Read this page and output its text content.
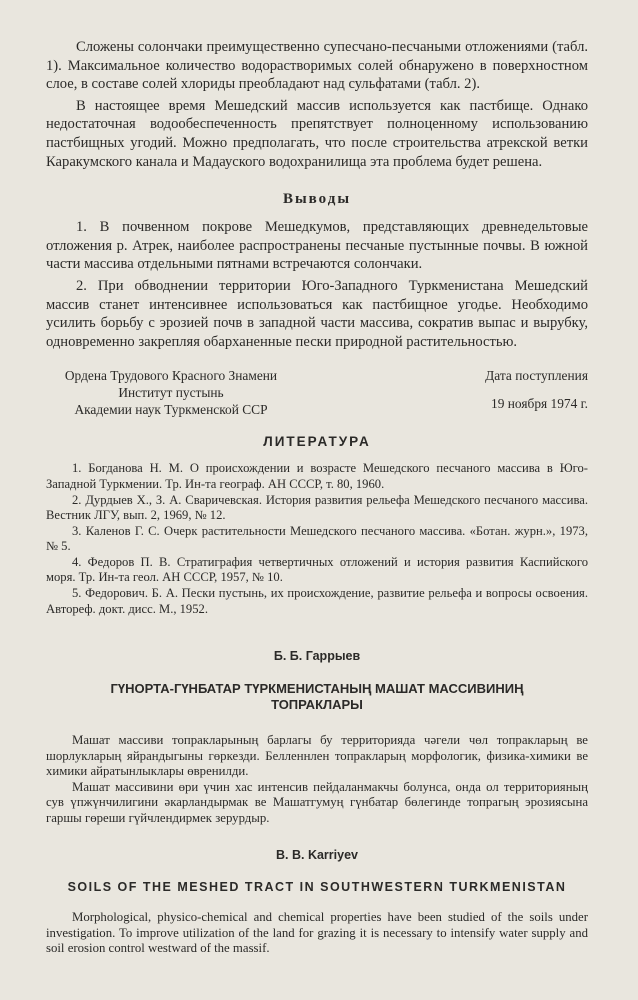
Сложены солончаки преимущественно супесчано-песчаными отложениями (табл. 1). Максимальное количество водорастворимых солей обнаружено в поверхностном слое, в составе солей хлориды преобладают над сульфатами (табл. 2).

В настоящее время Мешедский массив используется как пастбище. Однако недостаточная водообеспеченность препятствует полноценному использованию пастбищных угодий. Можно предполагать, что после строительства атрекской ветки Каракумского канала и Мадауского водохранилища эта проблема будет решена.

Выводы

1. В почвенном покрове Мешедкумов, представляющих древнедельтовые отложения р. Атрек, наиболее распространены песчаные пустынные почвы. В южной части массива отдельными пятнами встречаются солончаки.

2. При обводнении территории Юго-Западного Туркменистана Мешедский массив станет интенсивнее использоваться как пастбищное угодье. Необходимо усилить борьбу с эрозией почв в западной части массива, сократив выпас и вырубку, одновременно закрепляя обарханенные пески природной растительностью.

Ордена Трудового Красного Знамени
Институт пустынь
Академии наук Туркменской ССР
Дата поступления
19 ноября 1974 г.
ЛИТЕРАТУРА
1. Богданова Н. М. О происхождении и возрасте Мешедского песчаного массива в Юго-Западной Туркмении. Тр. Ин-та географ. АН СССР, т. 80, 1960.
2. Дурдыев Х., З. А. Сваричевская. История развития рельефа Мешедского песчаного массива. Вестник ЛГУ, вып. 2, 1969, № 12.
3. Каленов Г. С. Очерк растительности Мешедского песчаного массива. «Ботан. журн.», 1973, № 5.
4. Федоров П. В. Стратиграфия четвертичных отложений и история развития Каспийского моря. Тр. Ин-та геол. АН СССР, 1957, № 10.
5. Федорович. Б. А. Пески пустынь, их происхождение, развитие рельефа и вопросы освоения. Автореф. докт. дисс. М., 1952.
Б. Б. Гаррыев
ГҮНОРТА-ГҮНБАТАР ТҮРКМЕНИСТАНЫҢ МАШАТ МАССИВИНИҢ ТОПРАКЛАРЫ

Машат массиви топракларының барлагы бу территорияда чәгели чөл топракларың ве шорлукларың яйрандыгыны гөркезди. Белленнлен топракларың морфологик, физика-химики ве химики айратынлыклары өвренилди.

Машат массивини өри үчин хас интенсив пейдаланмакчы болунса, онда ол территорияның сув үпжүнчилигини әкарландырмак ве Машатгумуң гүнбатар бөлегинде топрагың эрозиясына гаршы гөреши гүйчлендирмек зерурдыр.

B. B. Karriyev
SOILS OF THE MESHED TRACT IN SOUTHWESTERN TURKMENISTAN

Morphological, physico-chemical and chemical properties have been studied of the soils under investigation. To improve utilization of the land for grazing it is necessary to intensify water supply and soil erosion control westward of the massif.
